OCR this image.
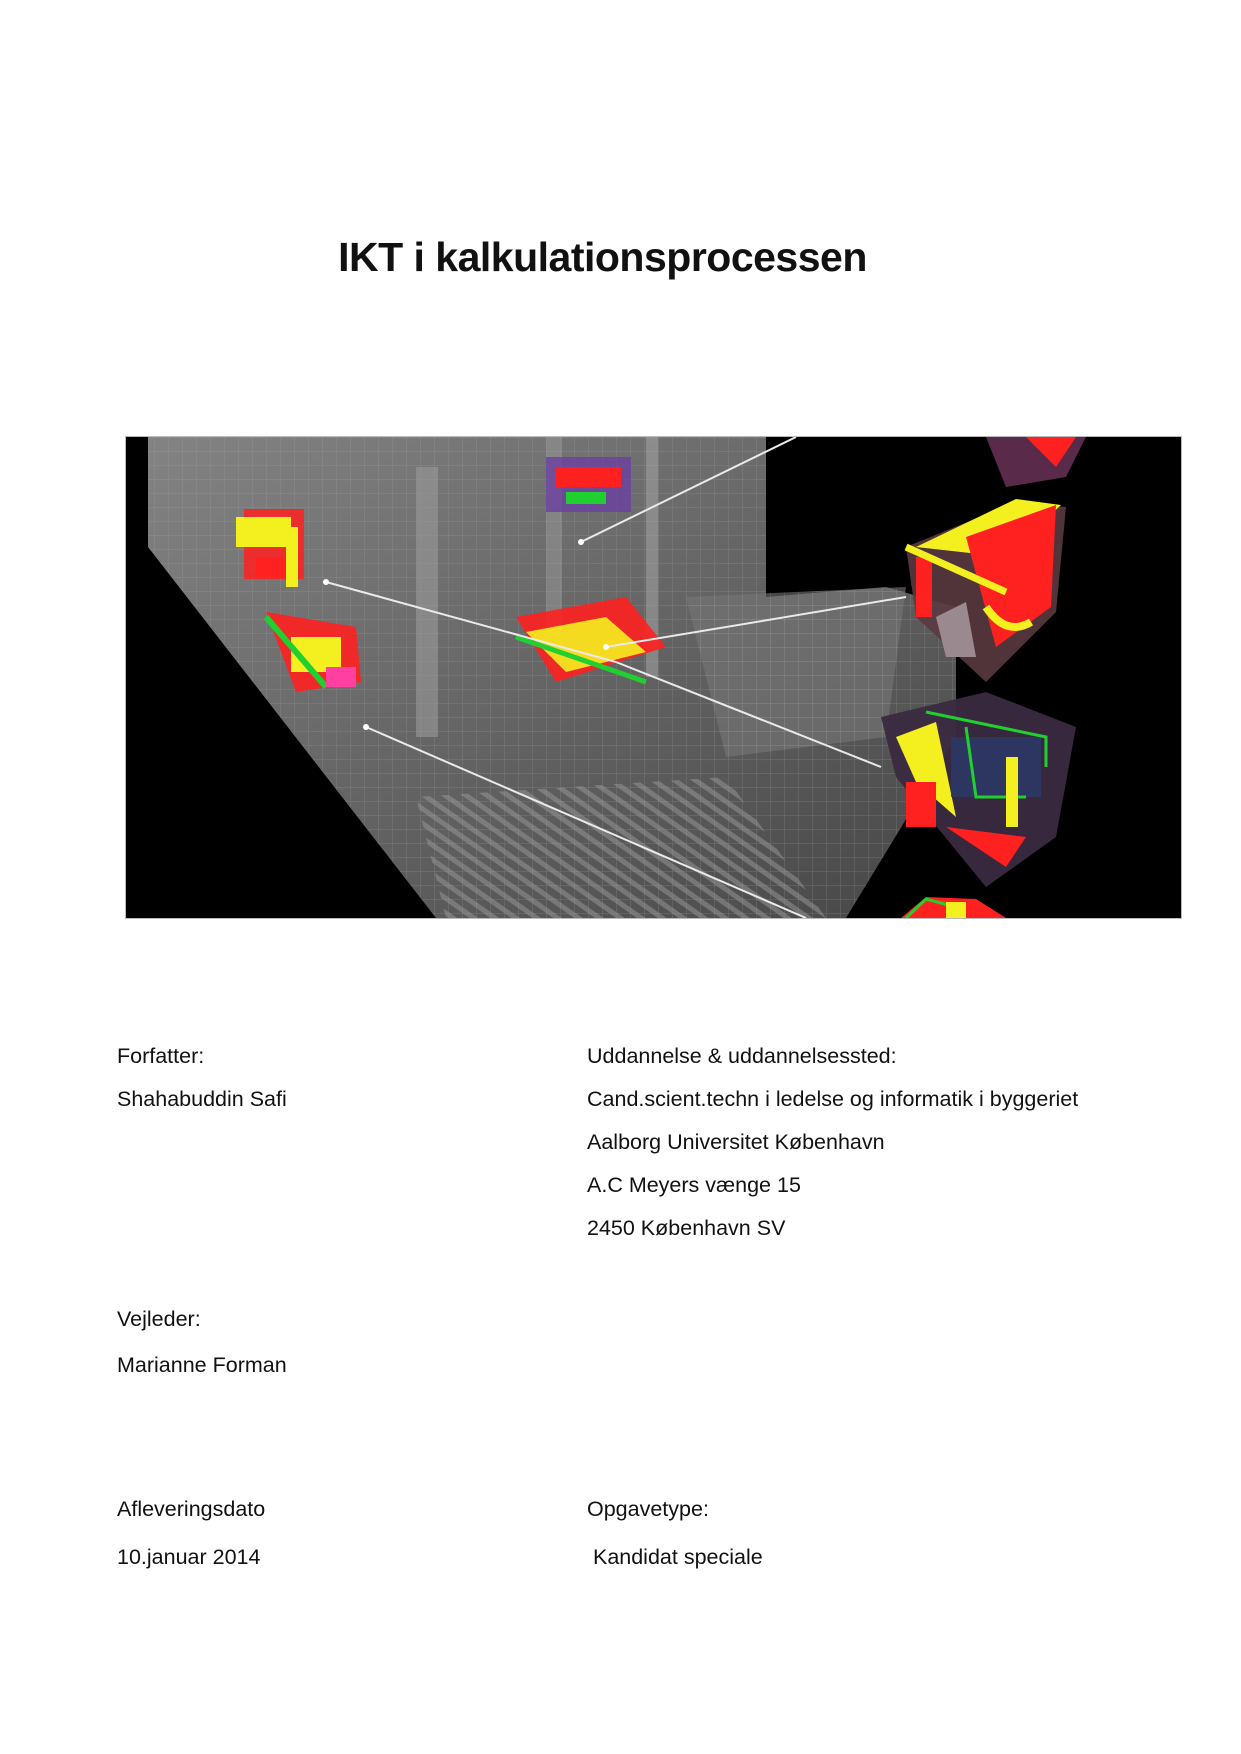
IKT i kalkulationsprocessen
Forfatter:
Shahabuddin Safi
Uddannelse & uddannelsessted:
Cand.scient.techn i ledelse og informatik i byggeriet
Aalborg Universitet København
A.C Meyers vænge 15
2450 København SV
Vejleder:
Marianne Forman
Afleveringsdato
10.januar 2014
Opgavetype:
Kandidat speciale
